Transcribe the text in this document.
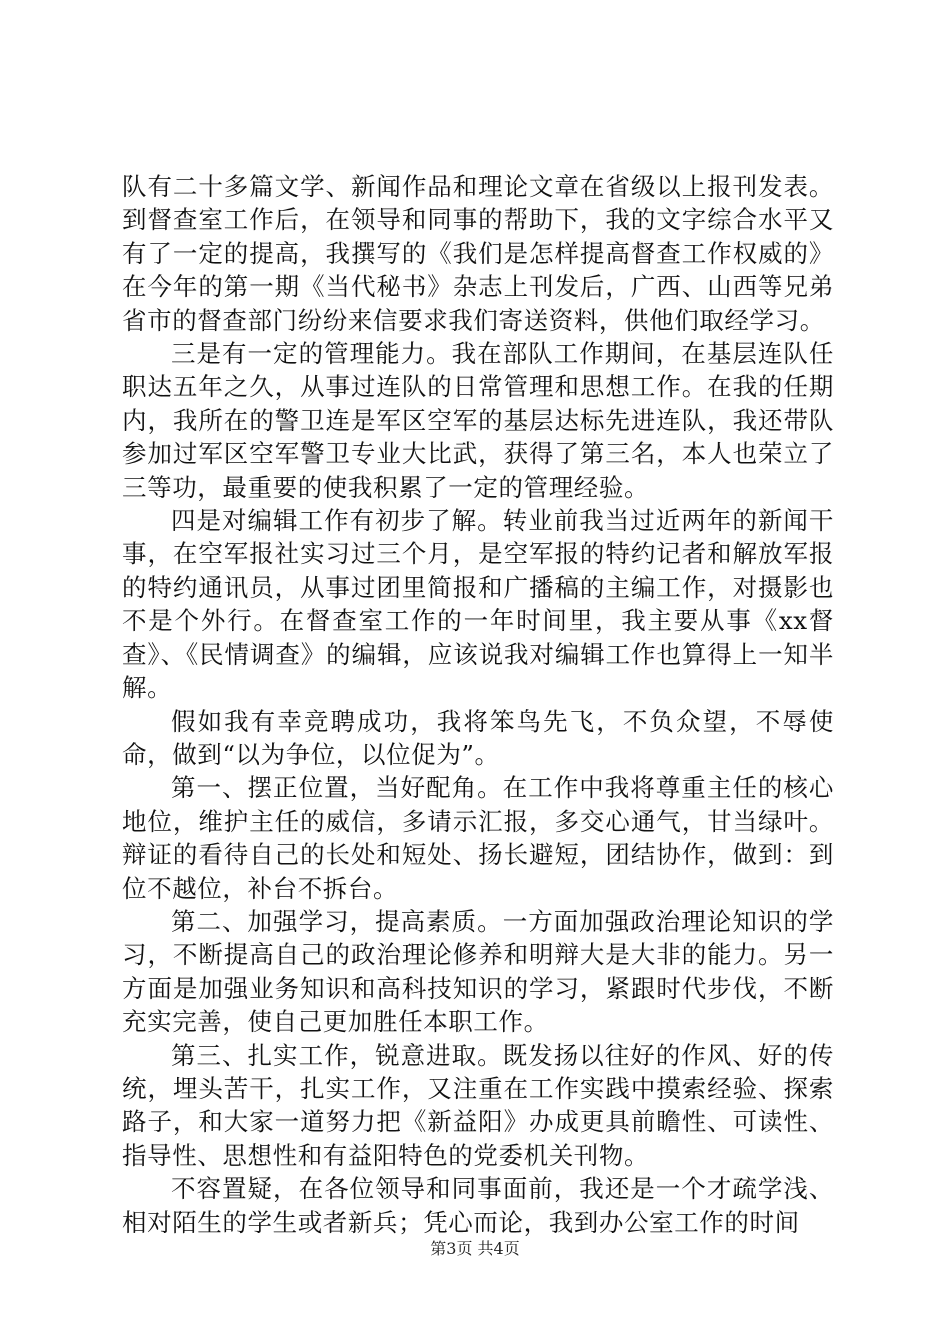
队有二十多篇文学、新闻作品和理论文章在省级以上报刊发表。到督查室工作后，在领导和同事的帮助下，我的文字综合水平又有了一定的提高，我撰写的《我们是怎样提高督查工作权威的》在今年的第一期《当代秘书》杂志上刊发后，广西、山西等兄弟省市的督查部门纷纷来信要求我们寄送资料，供他们取经学习。

三是有一定的管理能力。我在部队工作期间，在基层连队任职达五年之久，从事过连队的日常管理和思想工作。在我的任期内，我所在的警卫连是军区空军的基层达标先进连队，我还带队参加过军区空军警卫专业大比武，获得了第三名，本人也荣立了三等功，最重要的使我积累了一定的管理经验。

四是对编辑工作有初步了解。转业前我当过近两年的新闻干事，在空军报社实习过三个月，是空军报的特约记者和解放军报的特约通讯员，从事过团里简报和广播稿的主编工作，对摄影也不是个外行。在督查室工作的一年时间里，我主要从事《xx督查》、《民情调查》的编辑，应该说我对编辑工作也算得上一知半解。

假如我有幸竞聘成功，我将笨鸟先飞，不负众望，不辱使命，做到“以为争位，以位促为”。

第一、摆正位置，当好配角。在工作中我将尊重主任的核心地位，维护主任的威信，多请示汇报，多交心通气，甘当绿叶。辩证的看待自己的长处和短处、扬长避短，团结协作，做到：到位不越位，补台不拆台。

第二、加强学习，提高素质。一方面加强政治理论知识的学习，不断提高自己的政治理论修养和明辩大是大非的能力。另一方面是加强业务知识和高科技知识的学习，紧跟时代步伐，不断充实完善，使自己更加胜任本职工作。

第三、扎实工作，锐意进取。既发扬以往好的作风、好的传统，埋头苦干，扎实工作，又注重在工作实践中摸索经验、探索路子，和大家一道努力把《新益阳》办成更具前瞻性、可读性、指导性、思想性和有益阳特色的党委机关刊物。

不容置疑，在各位领导和同事面前，我还是一个才疏学浅、相对陌生的学生或者新兵；凭心而论，我到办公室工作的时间

第3页 共4页
